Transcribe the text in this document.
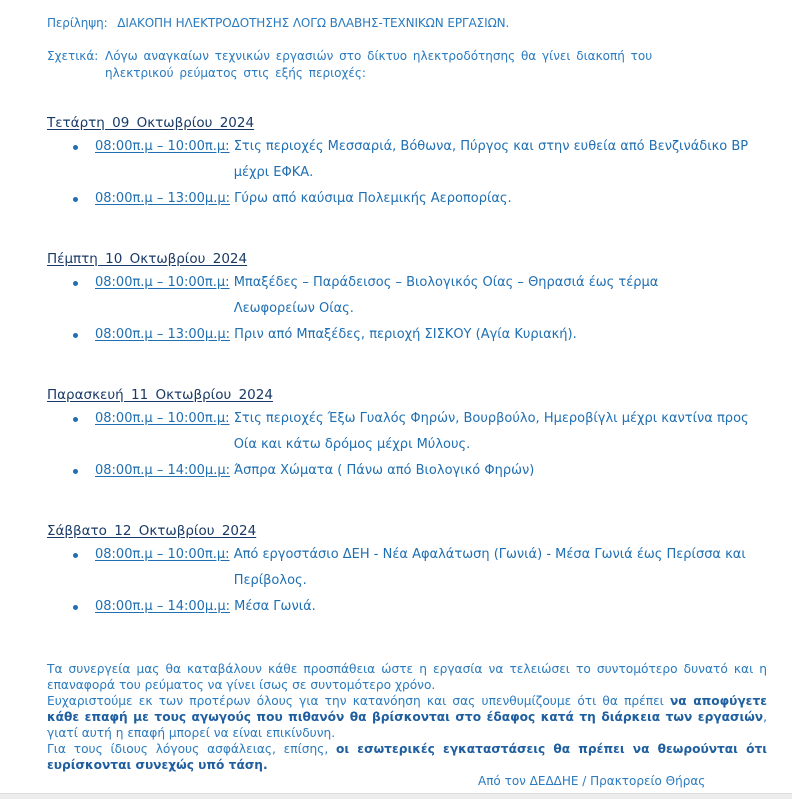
Περίληψη: ΔΙΑΚΟΠΗ ΗΛΕΚΤΡΟΔΟΤΗΣΗΣ ΛΟΓΩ ΒΛΑΒΗΣ-ΤΕΧΝΙΚΩΝ ΕΡΓΑΣΙΩΝ.
Σχετικά: Λόγω αναγκαίων τεχνικών εργασιών στο δίκτυο ηλεκτροδότησης θα γίνει διακοπή του ηλεκτρικού ρεύματος στις εξής περιοχές:
Τετάρτη 09 Οκτωβρίου 2024
08:00π.μ – 10:00π.μ: Στις περιοχές Μεσσαριά, Βόθωνα, Πύργος και στην ευθεία από Βενζινάδικο ΒΡ μέχρι ΕΦΚΑ.
08:00π.μ – 13:00μ.μ: Γύρω από καύσιμα Πολεμικής Αεροπορίας.
Πέμπτη 10 Οκτωβρίου 2024
08:00π.μ – 10:00π.μ: Μπαξέδες – Παράδεισος – Βιολογικός Οίας – Θηρασιά έως τέρμα Λεωφορείων Οίας.
08:00π.μ – 13:00μ.μ: Πριν από Μπαξέδες, περιοχή ΣΙΣΚΟΥ (Αγία Κυριακή).
Παρασκευή 11 Οκτωβρίου 2024
08:00π.μ – 10:00π.μ: Στις περιοχές Έξω Γυαλός Φηρών, Βουρβούλο, Ημεροβίγλι μέχρι καντίνα προς Οία και κάτω δρόμος μέχρι Μύλους.
08:00π.μ – 14:00μ.μ: Άσπρα Χώματα ( Πάνω από Βιολογικό Φηρών)
Σάββατο 12 Οκτωβρίου 2024
08:00π.μ – 10:00π.μ: Από εργοστάσιο ΔΕΗ - Νέα Αφαλάτωση (Γωνιά) - Μέσα Γωνιά έως Περίσσα και Περίβολος.
08:00π.μ – 14:00μ.μ: Μέσα Γωνιά.

Τα συνεργεία μας θα καταβάλουν κάθε προσπάθεια ώστε η εργασία να τελειώσει το συντομότερο δυνατό και η επαναφορά του ρεύματος να γίνει ίσως σε συντομότερο χρόνο.

Ευχαριστούμε εκ των προτέρων όλους για την κατανόηση και σας υπενθυμίζουμε ότι θα πρέπει να αποφύγετε κάθε επαφή με τους αγωγούς που πιθανόν θα βρίσκονται στο έδαφος κατά τη διάρκεια των εργασιών, γιατί αυτή η επαφή μπορεί να είναι επικίνδυνη.

Για τους ίδιους λόγους ασφάλειας, επίσης, οι εσωτερικές εγκαταστάσεις θα πρέπει να θεωρούνται ότι ευρίσκονται συνεχώς υπό τάση.

Από τον ΔΕΔΔΗΕ / Πρακτορείο Θήρας
